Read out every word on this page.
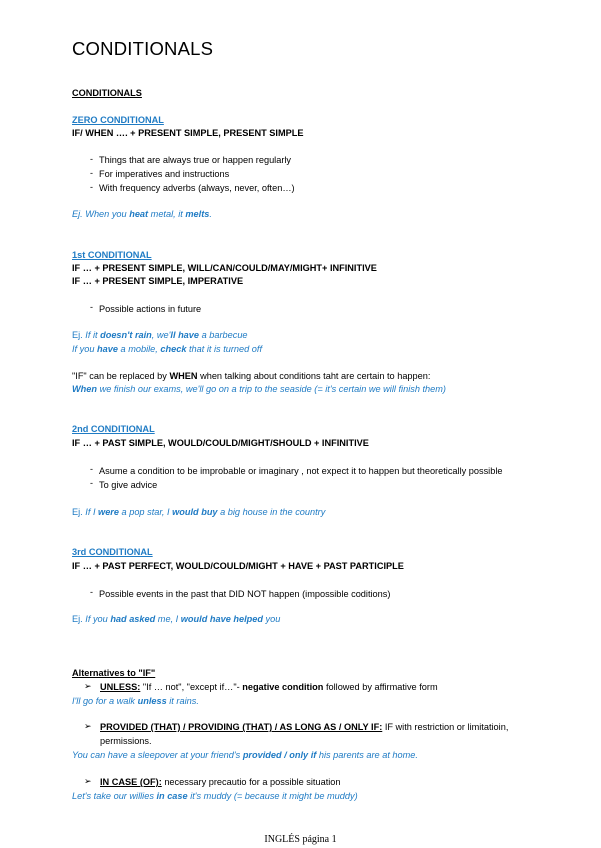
CONDITIONALS
CONDITIONALS
ZERO CONDITIONAL
IF/ WHEN …. + PRESENT SIMPLE, PRESENT SIMPLE
- Things that are always true or happen regularly
- For imperatives and instructions
- With frequency adverbs (always, never, often…)
Ej. When you heat metal, it melts.
1st CONDITIONAL
IF … + PRESENT SIMPLE, WILL/CAN/COULD/MAY/MIGHT+ INFINITIVE
IF … + PRESENT SIMPLE, IMPERATIVE
- Possible actions in future
Ej. If it doesn't rain, we'll have a barbecue
If you have a mobile, check that it is turned off
"IF" can be replaced by WHEN when talking about conditions taht are certain to happen:
When we finish our exams, we'll go on a trip to the seaside (= it's certain we will finish them)
2nd CONDITIONAL
IF … + PAST SIMPLE, WOULD/COULD/MIGHT/SHOULD + INFINITIVE
- Asume a condition to be improbable or imaginary , not expect it to happen but theoretically possible
- To give advice
Ej. If I were a pop star, I would buy a big house in the country
3rd CONDITIONAL
IF … + PAST PERFECT, WOULD/COULD/MIGHT + HAVE + PAST PARTICIPLE
- Possible events in the past that DID NOT happen (impossible coditions)
Ej. If you had asked me, I would have helped you
Alternatives to "IF"
➢ UNLESS: "If … not", "except if…"- negative condition followed by affirmative form
I'll go for a walk unless it rains.
➢ PROVIDED (THAT) / PROVIDING (THAT) / AS LONG AS / ONLY IF: IF with restriction or limitatioin,
permissions.
You can have a sleepover at your friend's provided / only if his parents are at home.
➢ IN CASE (OF): necessary precautio for a possible situation
Let's take our willies in case it's muddy (= because it might be muddy)
INGLÉS página 1
